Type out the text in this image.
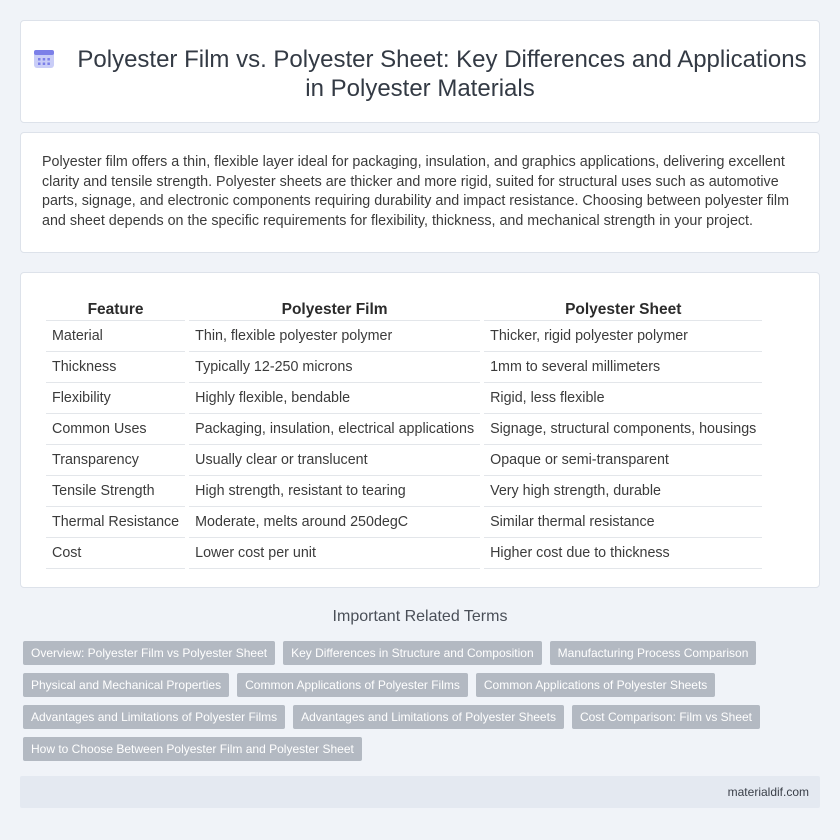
Polyester Film vs. Polyester Sheet: Key Differences and Applications in Polyester Materials

Polyester film offers a thin, flexible layer ideal for packaging, insulation, and graphics applications, delivering excellent clarity and tensile strength. Polyester sheets are thicker and more rigid, suited for structural uses such as automotive parts, signage, and electronic components requiring durability and impact resistance. Choosing between polyester film and sheet depends on the specific requirements for flexibility, thickness, and mechanical strength in your project.

Feature	Polyester Film	Polyester Sheet
Material	Thin, flexible polyester polymer	Thicker, rigid polyester polymer
Thickness	Typically 12-250 microns	1mm to several millimeters
Flexibility	Highly flexible, bendable	Rigid, less flexible
Common Uses	Packaging, insulation, electrical applications	Signage, structural components, housings
Transparency	Usually clear or translucent	Opaque or semi-transparent
Tensile Strength	High strength, resistant to tearing	Very high strength, durable
Thermal Resistance	Moderate, melts around 250degC	Similar thermal resistance
Cost	Lower cost per unit	Higher cost due to thickness
Important Related Terms
Overview: Polyester Film vs Polyester Sheet	Key Differences in Structure and Composition	Manufacturing Process Comparison
Physical and Mechanical Properties	Common Applications of Polyester Films	Common Applications of Polyester Sheets
Advantages and Limitations of Polyester Films	Advantages and Limitations of Polyester Sheets	Cost Comparison: Film vs Sheet
How to Choose Between Polyester Film and Polyester Sheet
materialdif.com
